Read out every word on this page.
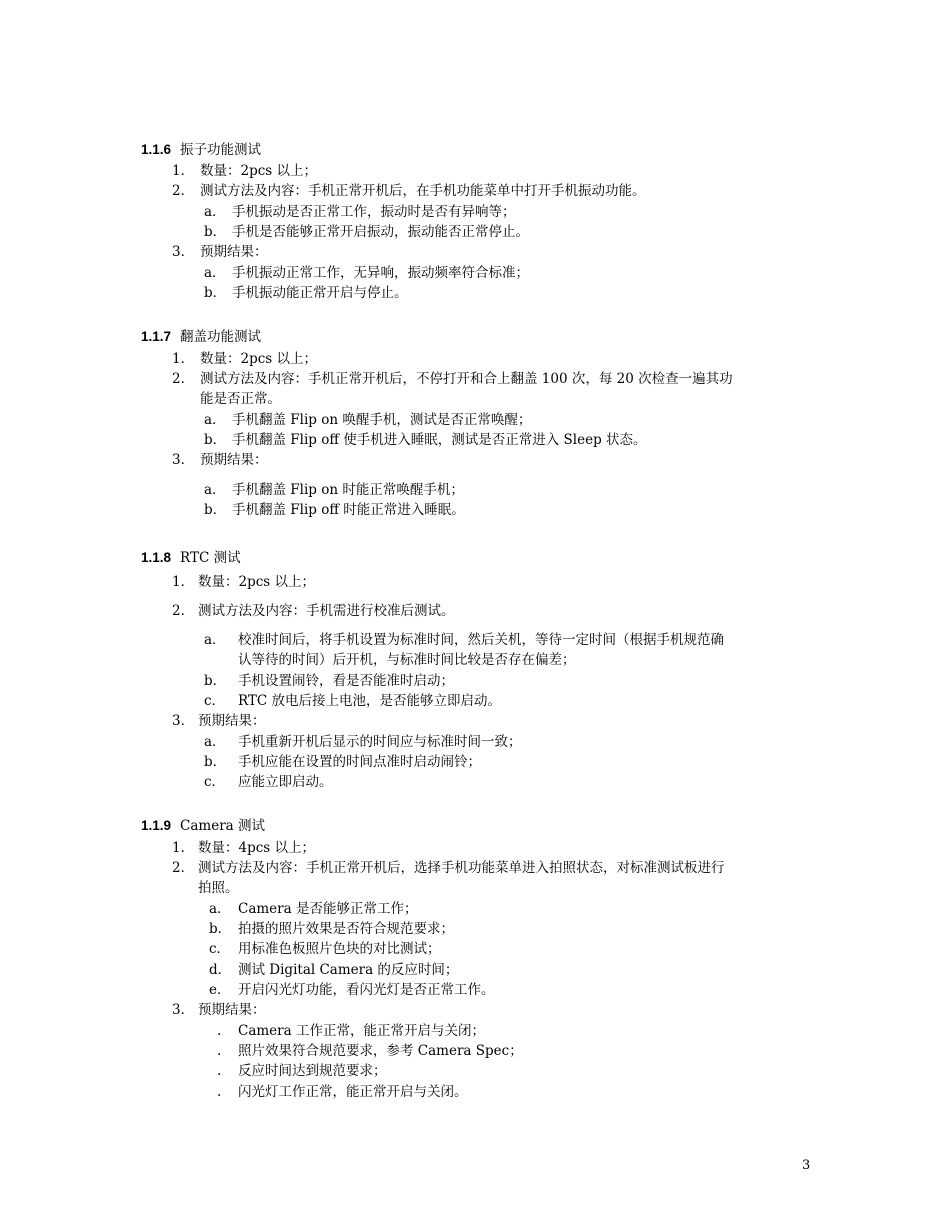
1.1.6 振子功能测试
1． 数量：2pcs 以上；
2． 测试方法及内容：手机正常开机后，在手机功能菜单中打开手机振动功能。
a． 手机振动是否正常工作，振动时是否有异响等；
b． 手机是否能够正常开启振动，振动能否正常停止。
3． 预期结果：
a． 手机振动正常工作，无异响，振动频率符合标准；
b． 手机振动能正常开启与停止。
1.1.7 翻盖功能测试
1． 数量：2pcs 以上；
2． 测试方法及内容：手机正常开机后，不停打开和合上翻盖 100 次，每 20 次检查一遍其功
能是否正常。
a． 手机翻盖 Flip on 唤醒手机，测试是否正常唤醒；
b． 手机翻盖 Flip off 使手机进入睡眠，测试是否正常进入 Sleep 状态。
3． 预期结果：
a． 手机翻盖 Flip on 时能正常唤醒手机；
b． 手机翻盖 Flip off 时能正常进入睡眠。
1.1.8 RTC 测试
1． 数量：2pcs 以上；
2． 测试方法及内容：手机需进行校准后测试。
a． 校准时间后，将手机设置为标准时间，然后关机，等待一定时间（根据手机规范确
认等待的时间）后开机，与标准时间比较是否存在偏差；
b． 手机设置闹铃，看是否能准时启动；
c． RTC 放电后接上电池，是否能够立即启动。
3． 预期结果：
a． 手机重新开机后显示的时间应与标准时间一致；
b． 手机应能在设置的时间点准时启动闹铃；
c． 应能立即启动。
1.1.9 Camera 测试
1． 数量：4pcs 以上；
2． 测试方法及内容：手机正常开机后，选择手机功能菜单进入拍照状态，对标准测试板进行
拍照。
a． Camera 是否能够正常工作；
b． 拍摄的照片效果是否符合规范要求；
c． 用标准色板照片色块的对比测试；
d． 测试 Digital Camera 的反应时间；
e． 开启闪光灯功能，看闪光灯是否正常工作。
3． 预期结果：
. Camera 工作正常，能正常开启与关闭；
. 照片效果符合规范要求，参考 Camera Spec；
. 反应时间达到规范要求；
. 闪光灯工作正常，能正常开启与关闭。
3
